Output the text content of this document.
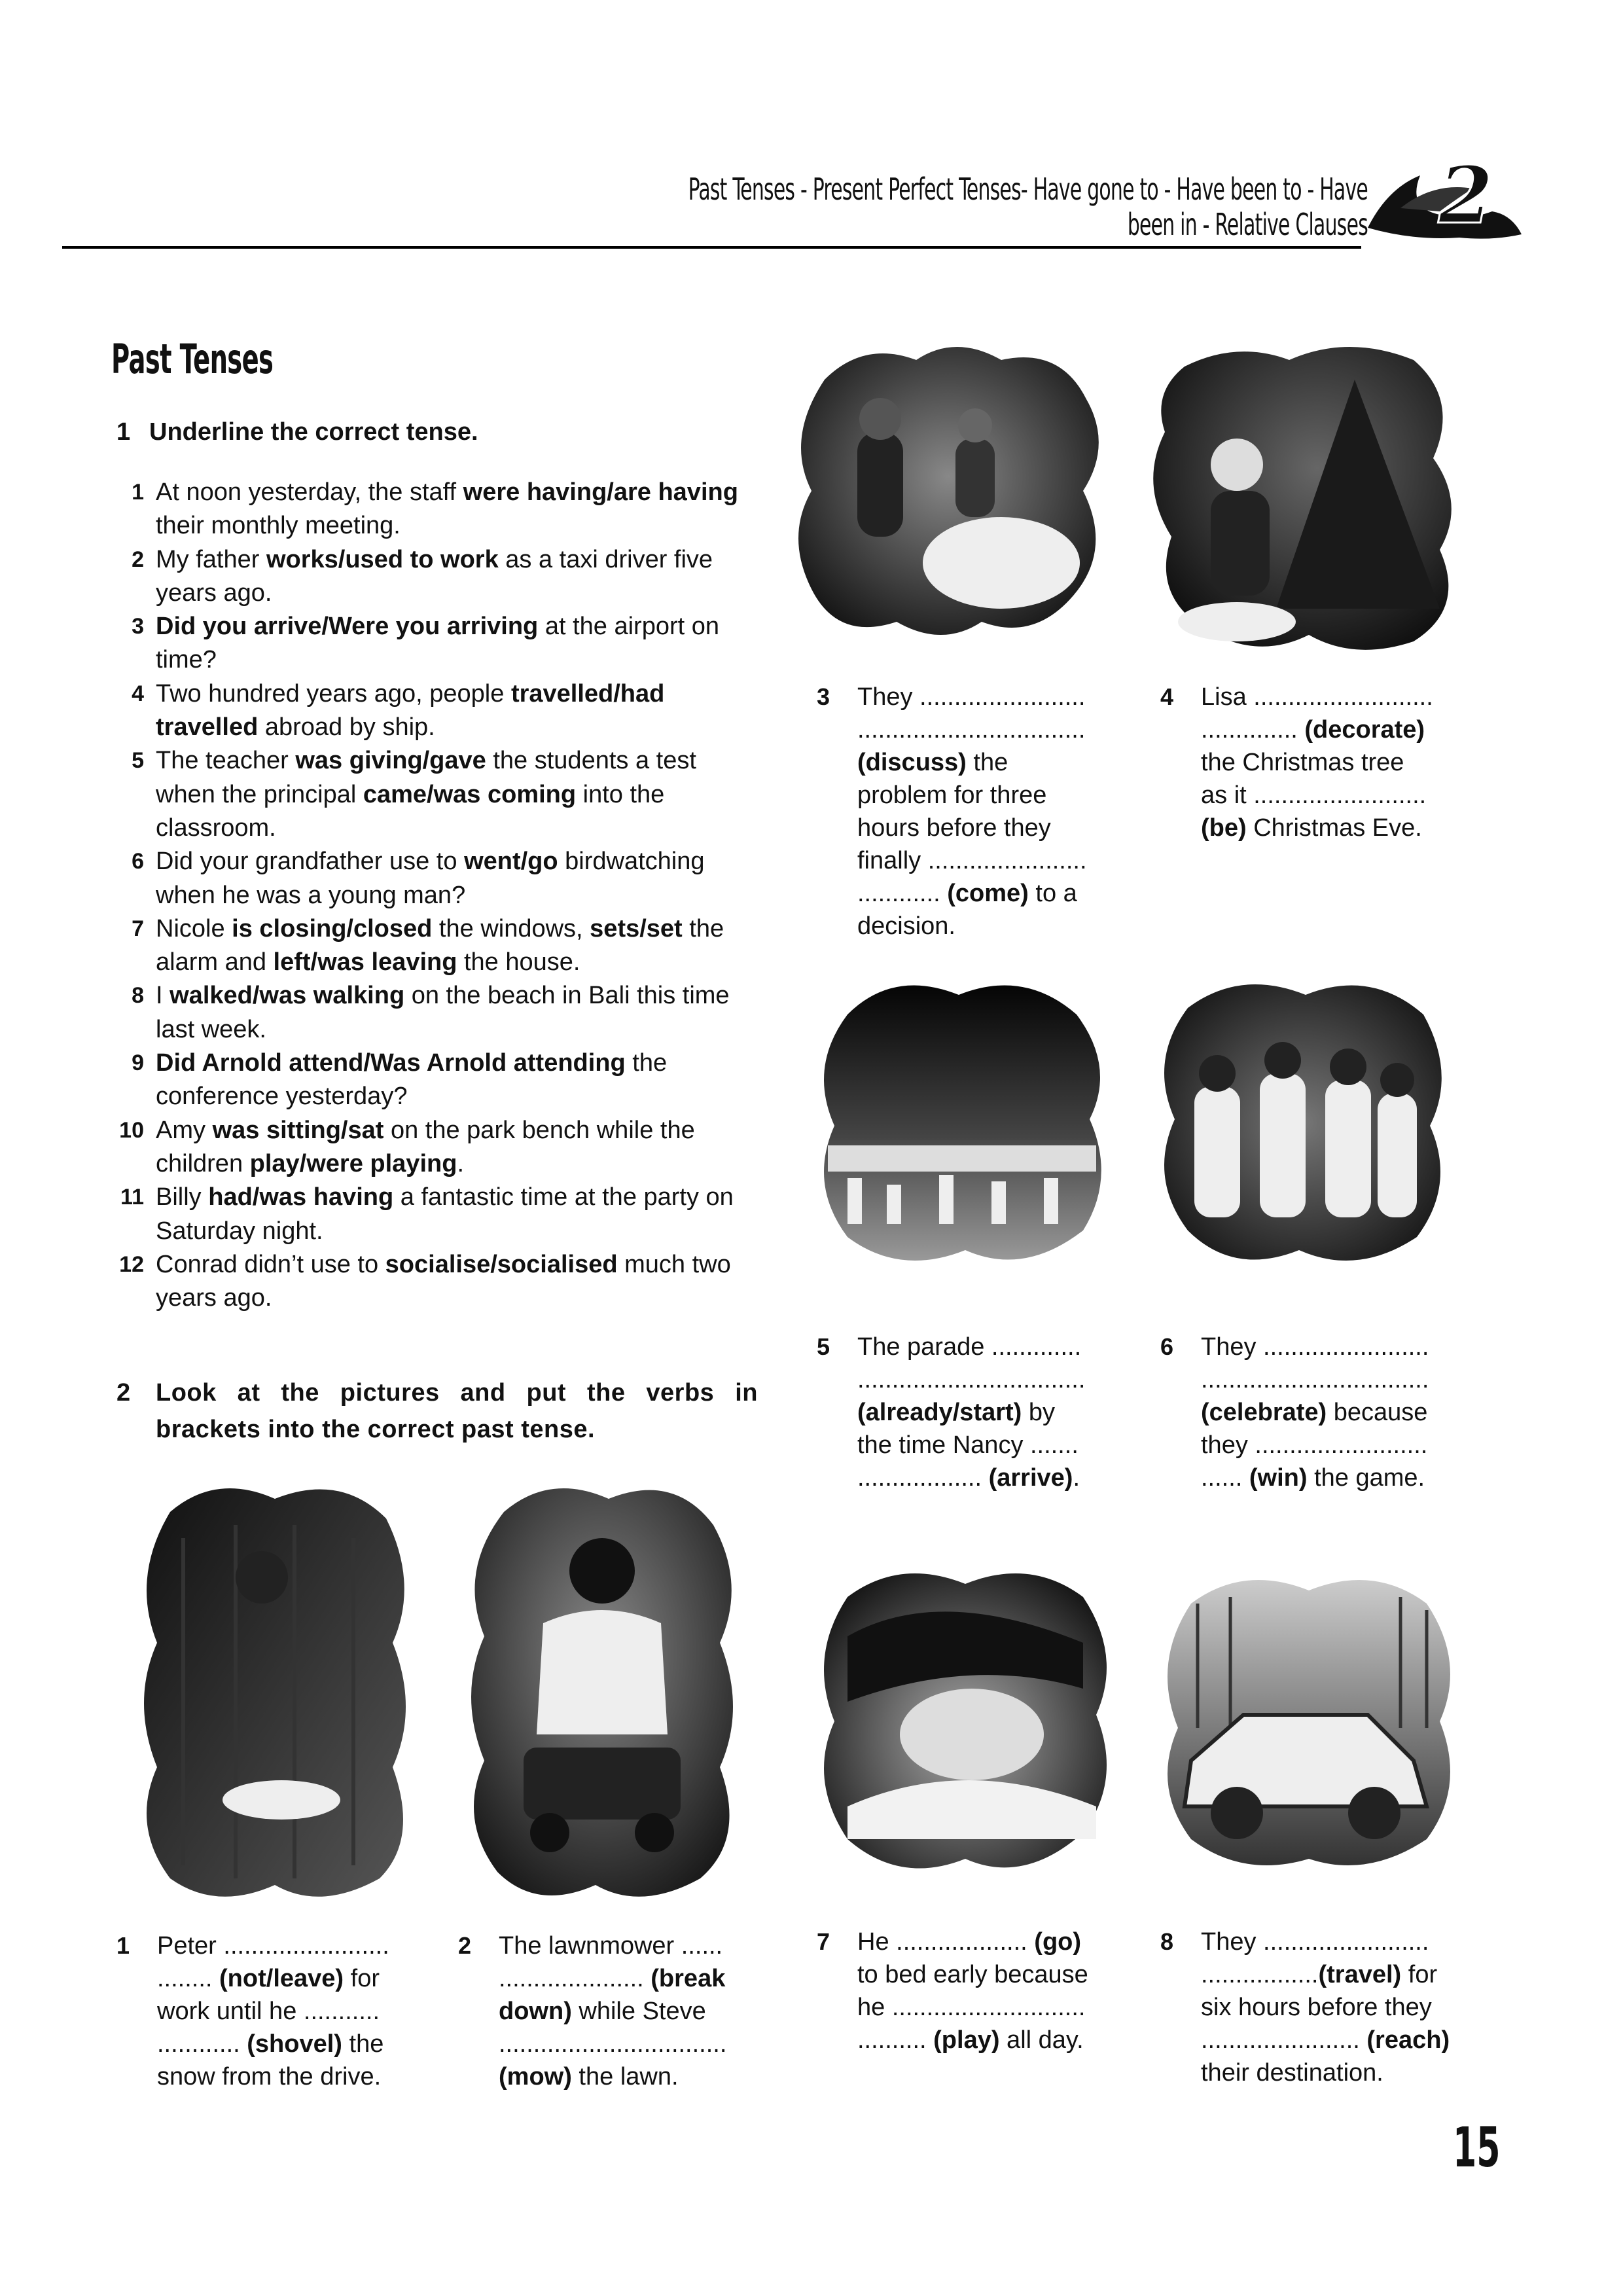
Past Tenses - Present Perfect Tenses- Have gone to - Have been to - Have been in - Relative Clauses 2
Past Tenses
1 Underline the correct tense.
1 At noon yesterday, the staff were having/are having their monthly meeting.
2 My father works/used to work as a taxi driver five years ago.
3 Did you arrive/Were you arriving at the airport on time?
4 Two hundred years ago, people travelled/had travelled abroad by ship.
5 The teacher was giving/gave the students a test when the principal came/was coming into the classroom.
6 Did your grandfather use to went/go birdwatching when he was a young man?
7 Nicole is closing/closed the windows, sets/set the alarm and left/was leaving the house.
8 I walked/was walking on the beach in Bali this time last week.
9 Did Arnold attend/Was Arnold attending the conference yesterday?
10 Amy was sitting/sat on the park bench while the children play/were playing.
11 Billy had/was having a fantastic time at the party on Saturday night.
12 Conrad didn’t use to socialise/socialised much two years ago.
2	Look at the pictures and put the verbs in brackets into the correct past tense.
1 Peter ........................
........ (not/leave) for
work until he ...........
............ (shovel) the
snow from the drive.
2 The lawnmower ......
..................... (break
down) while Steve
.................................
(mow) the lawn.
3 They ........................
.................................
(discuss) the
problem for three
hours before they
finally .......................
............ (come) to a
decision.
4 Lisa ..........................
.............. (decorate)
the Christmas tree
as it .........................
(be) Christmas Eve.
5 The parade .............
.................................
(already/start) by
the time Nancy .......
.................. (arrive).
6 They ........................
.................................
(celebrate) because
they .........................
...... (win) the game.
7 He ................... (go)
to bed early because
he ............................
.......... (play) all day.
8 They ........................
.................(travel) for
six hours before they
....................... (reach)
their destination.
15
